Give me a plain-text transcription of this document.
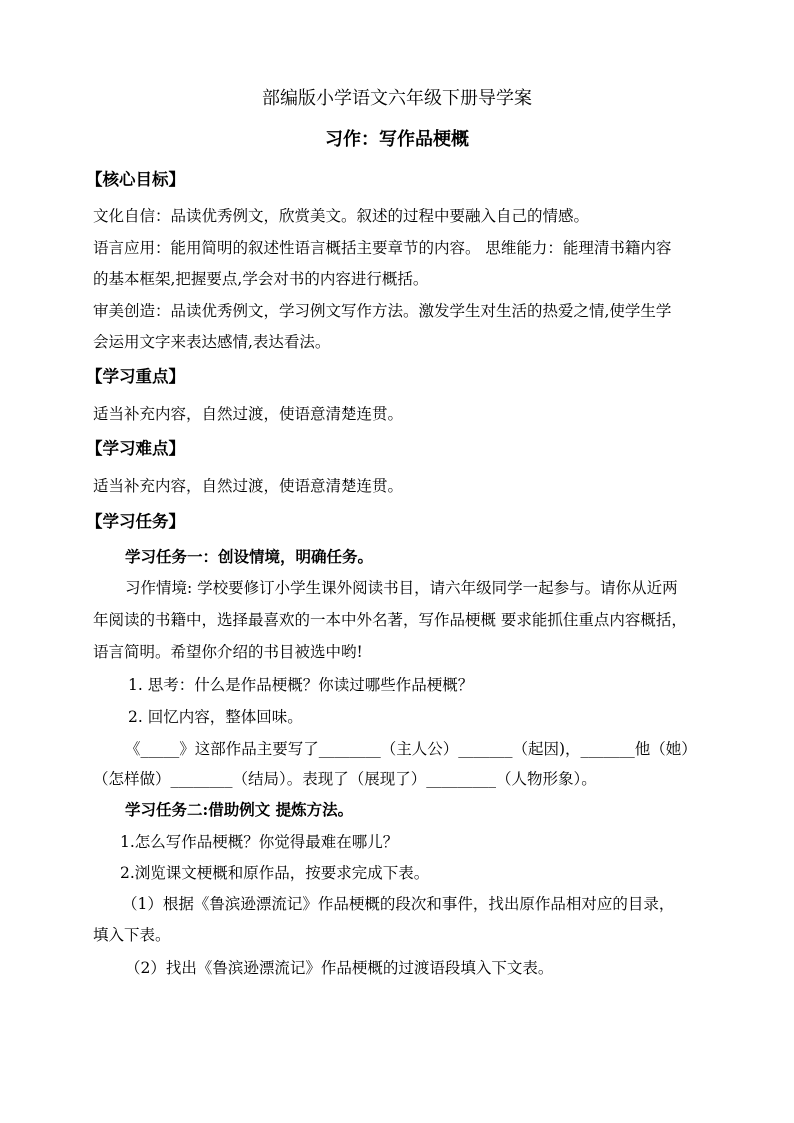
部编版小学语文六年级下册导学案
习作：写作品梗概
【核心目标】
文化自信：品读优秀例文，欣赏美文。叙述的过程中要融入自己的情感。
语言应用：能用简明的叙述性语言概括主要章节的内容。 思维能力：能理清书籍内容
的基本框架,把握要点,学会对书的内容进行概括。
审美创造：品读优秀例文，学习例文写作方法。激发学生对生活的热爱之情,使学生学
会运用文字来表达感情,表达看法。
【学习重点】
适当补充内容，自然过渡，使语意清楚连贯。
【学习难点】
适当补充内容，自然过渡，使语意清楚连贯。
【学习任务】
学习任务一：创设情境，明确任务。
习作情境: 学校要修订小学生课外阅读书目，请六年级同学一起参与。请你从近两
年阅读的书籍中，选择最喜欢的一本中外名著，写作品梗概 要求能抓住重点内容概括，
语言简明。希望你介绍的书目被选中哟!
1. 思考：什么是作品梗概？你读过哪些作品梗概？
2. 回忆内容，整体回味。
《_____》这部作品主要写了________（主人公）_______（起因)，_______他（她）
（怎样做）________（结局）。表现了（展现了）_________（人物形象）。
学习任务二:借助例文 提炼方法。
1.怎么写作品梗概？你觉得最难在哪儿？
2.浏览课文梗概和原作品，按要求完成下表。
（1）根据《鲁滨逊漂流记》作品梗概的段次和事件，找出原作品相对应的目录，
填入下表。
（2）找出《鲁滨逊漂流记》作品梗概的过渡语段填入下文表。
